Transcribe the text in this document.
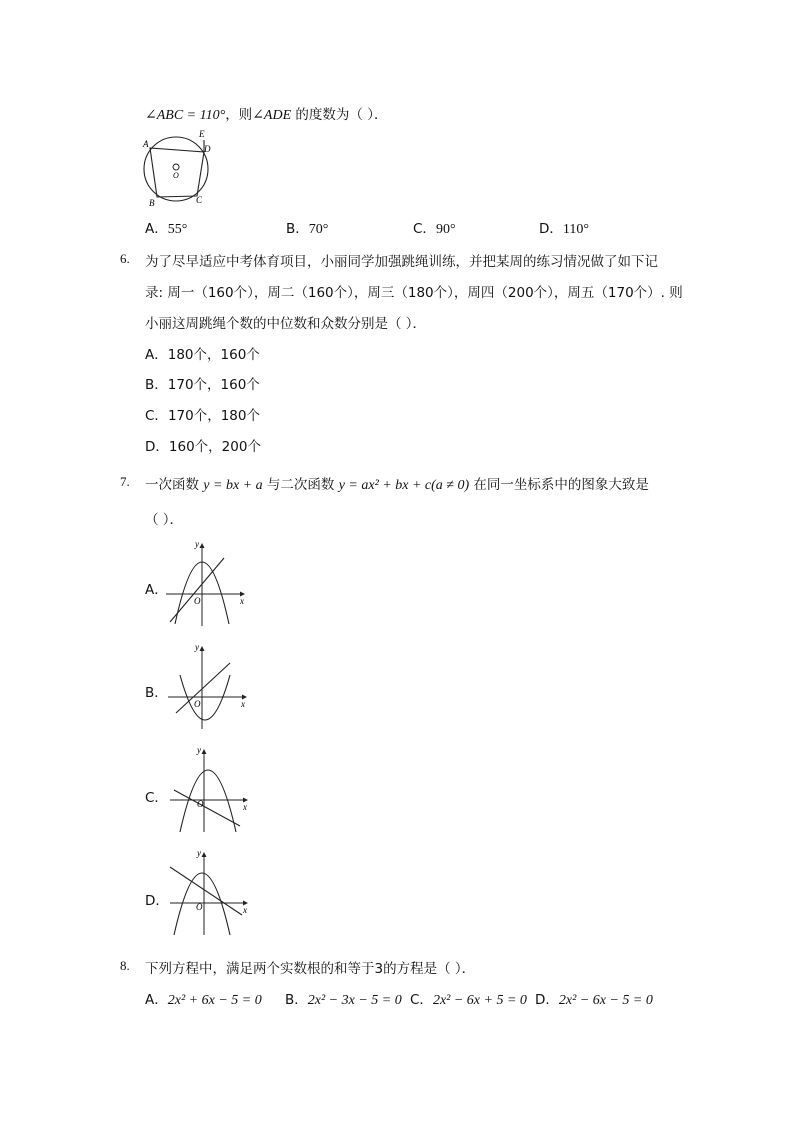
∠ABC = 110°，则∠ADE 的度数为（ ）．
A
B	C
D
E
O
A．55°	B．70°	C．90°	D．110°
6. 为了尽早适应中考体育项目，小丽同学加强跳绳训练，并把某周的练习情况做了如下记
录: 周一（160个），周二（160个），周三（180个），周四（200个），周五（170个）. 则
小丽这周跳绳个数的中位数和众数分别是（ ）．
A．180个，160个
B．170个，160个
C．170个，180个
D．160个，200个
7. 一次函数 y = bx + a 与二次函数 y = ax² + bx + c(a ≠ 0) 在同一坐标系中的图象大致是
（ ）．
A．
x
y
O
B．
x
y
O
C．
x
y
O
D．
x
y
O
8. 下列方程中，满足两个实数根的和等于3的方程是（ ）．
A．2x² + 6x − 5 = 0 B．2x² − 3x − 5 = 0 C．2x² − 6x + 5 = 0 D．2x² − 6x − 5 = 0
